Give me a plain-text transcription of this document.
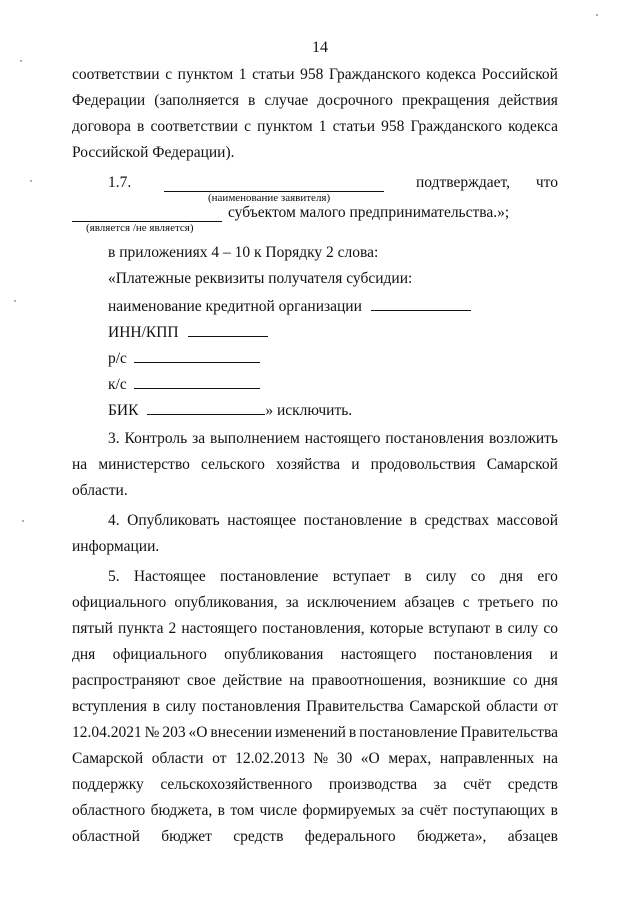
14
соответствии с пунктом 1 статьи 958 Гражданского кодекса Российской
Федерации (заполняется в случае досрочного прекращения действия
договора в соответствии с пунктом 1 статьи 958 Гражданского кодекса
Российской Федерации).
1.7.	подтверждает, что
(наименование заявителя)
субъектом малого предпринимательства.»;
(является /не является)
в приложениях 4 – 10 к Порядку 2 слова:
«Платежные реквизиты получателя субсидии:
наименование кредитной организации
ИНН/КПП
р/с
к/с
БИК	» исключить.
3. Контроль за выполнением настоящего постановления возложить
на министерство сельского хозяйства и продовольствия Самарской
области.
4. Опубликовать настоящее постановление в средствах массовой
информации.
5. Настоящее постановление вступает в силу со дня его
официального опубликования, за исключением абзацев с третьего по
пятый пункта 2 настоящего постановления, которые вступают в силу со
дня официального опубликования настоящего постановления и
распространяют свое действие на правоотношения, возникшие со дня
вступления в силу постановления Правительства Самарской области от
12.04.2021 № 203 «О внесении изменений в постановление Правительства
Самарской области от 12.02.2013 № 30 «О мерах, направленных на
поддержку сельскохозяйственного производства за счёт средств
областного бюджета, в том числе формируемых за счёт поступающих в
областной бюджет средств федерального бюджета», абзацев
